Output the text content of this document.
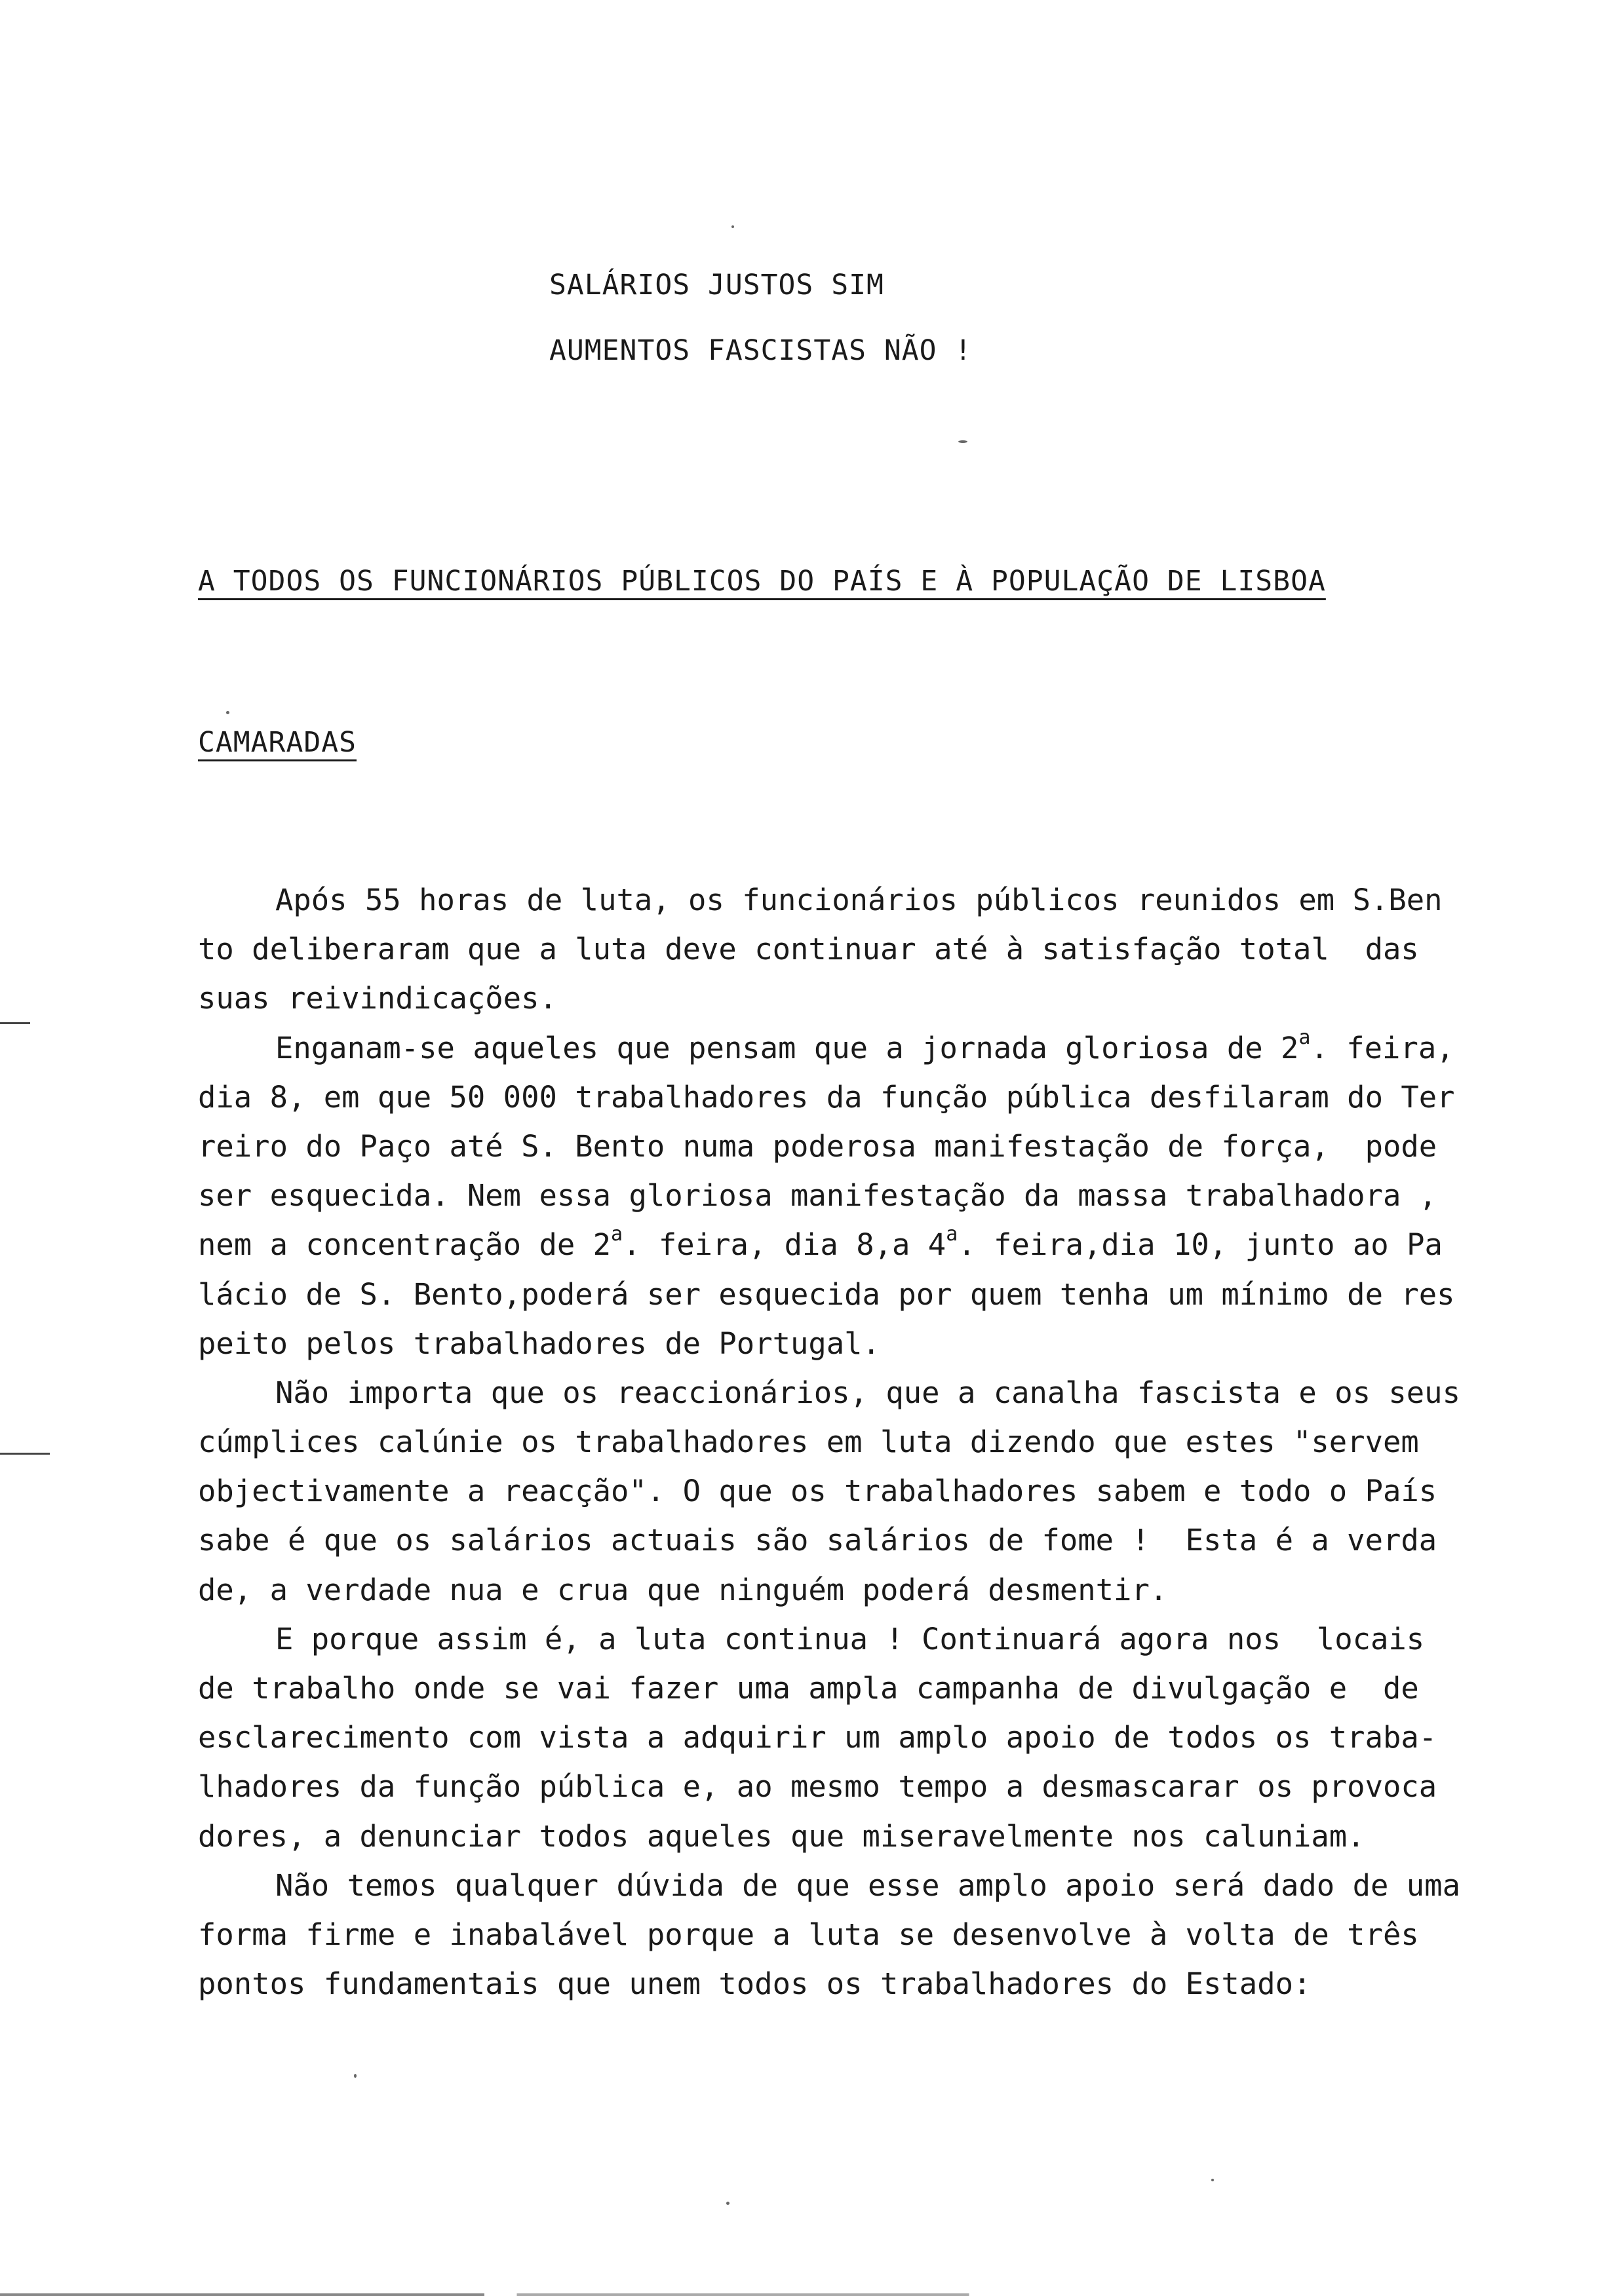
SALÁRIOS JUSTOS SIM
AUMENTOS FASCISTAS NÃO !
A TODOS OS FUNCIONÁRIOS PÚBLICOS DO PAÍS E À POPULAÇÃO DE LISBOA
CAMARADAS
Após 55 horas de luta, os funcionários públicos reunidos em S.Ben
to deliberaram que a luta deve continuar até à satisfação total  das
suas reivindicações.
Enganam-se aqueles que pensam que a jornada gloriosa de 2$^a$. feira,
dia 8, em que 50 000 trabalhadores da função pública desfilaram do Ter
reiro do Paço até S. Bento numa poderosa manifestação de força,  pode
ser esquecida. Nem essa gloriosa manifestação da massa trabalhadora ,
nem a concentração de 2$^a$. feira, dia 8,a 4$^a$. feira,dia 10, junto ao Pa
lácio de S. Bento,poderá ser esquecida por quem tenha um mínimo de res
peito pelos trabalhadores de Portugal.
Não importa que os reaccionários, que a canalha fascista e os seus
cúmplices calúnie os trabalhadores em luta dizendo que estes "servem
objectivamente a reacção". O que os trabalhadores sabem e todo o País
sabe é que os salários actuais são salários de fome !  Esta é a verda
de, a verdade nua e crua que ninguém poderá desmentir.
E porque assim é, a luta continua ! Continuará agora nos  locais
de trabalho onde se vai fazer uma ampla campanha de divulgação e  de
esclarecimento com vista a adquirir um amplo apoio de todos os traba-
lhadores da função pública e, ao mesmo tempo a desmascarar os provoca
dores, a denunciar todos aqueles que miseravelmente nos caluniam.
Não temos qualquer dúvida de que esse amplo apoio será dado de uma
forma firme e inabalável porque a luta se desenvolve à volta de três
pontos fundamentais que unem todos os trabalhadores do Estado:
